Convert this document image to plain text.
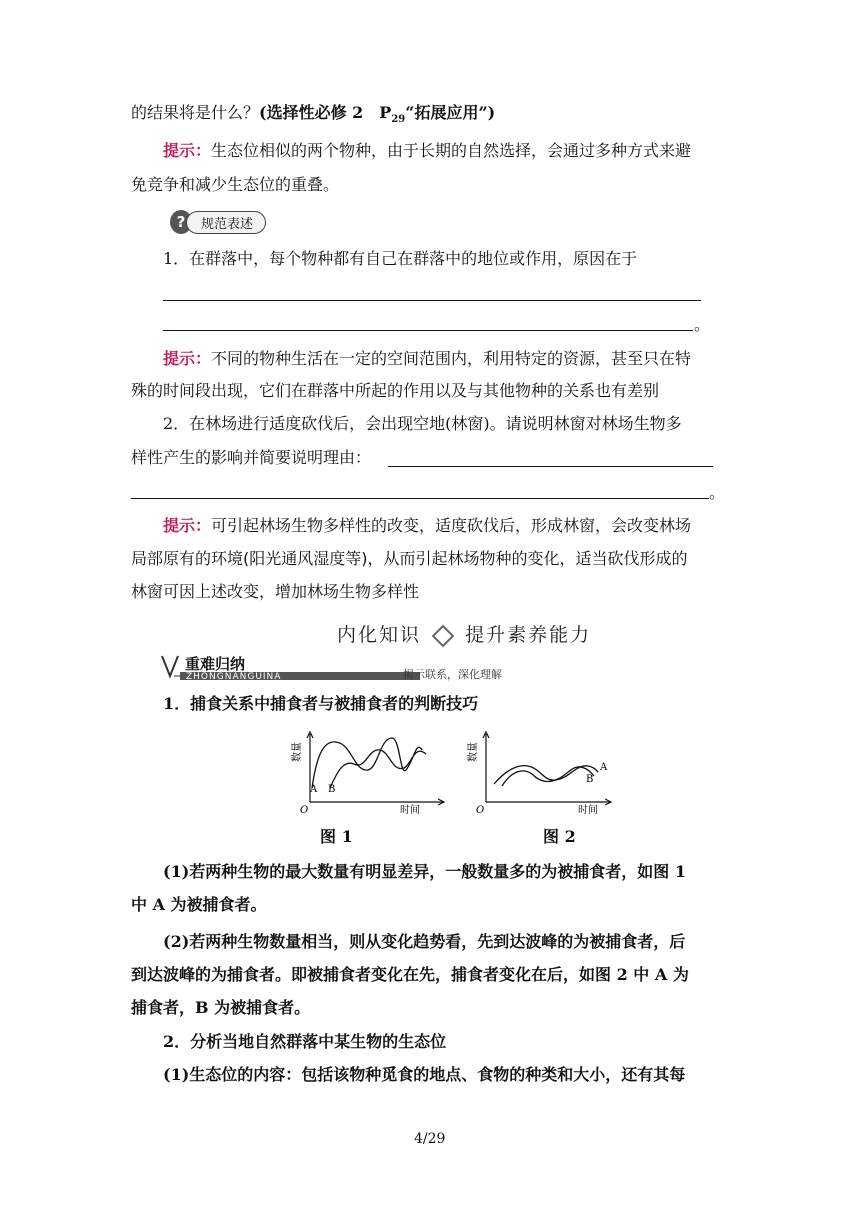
的结果将是什么？(选择性必修 2　$P_{29}“$拓展应用”)
提示：生态位相似的两个物种，由于长期的自然选择，会通过多种方式来避
免竞争和减少生态位的重叠。
?	规范表述
1．在群落中，每个物种都有自己在群落中的地位或作用，原因在于
。
提示：不同的物种生活在一定的空间范围内，利用特定的资源，甚至只在特
殊的时间段出现，它们在群落中所起的作用以及与其他物种的关系也有差别
2．在林场进行适度砍伐后，会出现空地(林窗)。请说明林窗对林场生物多
样性产生的影响并简要说明理由：
。
提示：可引起林场生物多样性的改变，适度砍伐后，形成林窗，会改变林场
局部原有的环境(阳光通风湿度等)，从而引起林场物种的变化，适当砍伐形成的
林窗可因上述改变，增加林场生物多样性
内化知识 提升素养能力
重难归纳
ZHONGNANGUINA	揭示联系，深化理解
1．捕食关系中捕食者与被捕食者的判断技巧
A B
O	时间
数量
图 1
A
B
O	时间
数量
图 2
(1)若两种生物的最大数量有明显差异，一般数量多的为被捕食者，如图 1
中 A 为被捕食者。
(2)若两种生物数量相当，则从变化趋势看，先到达波峰的为被捕食者，后
到达波峰的为捕食者。即被捕食者变化在先，捕食者变化在后，如图 2 中 A 为
捕食者，B 为被捕食者。
2．分析当地自然群落中某生物的生态位
(1)生态位的内容：包括该物种觅食的地点、食物的种类和大小，还有其每
4/29
